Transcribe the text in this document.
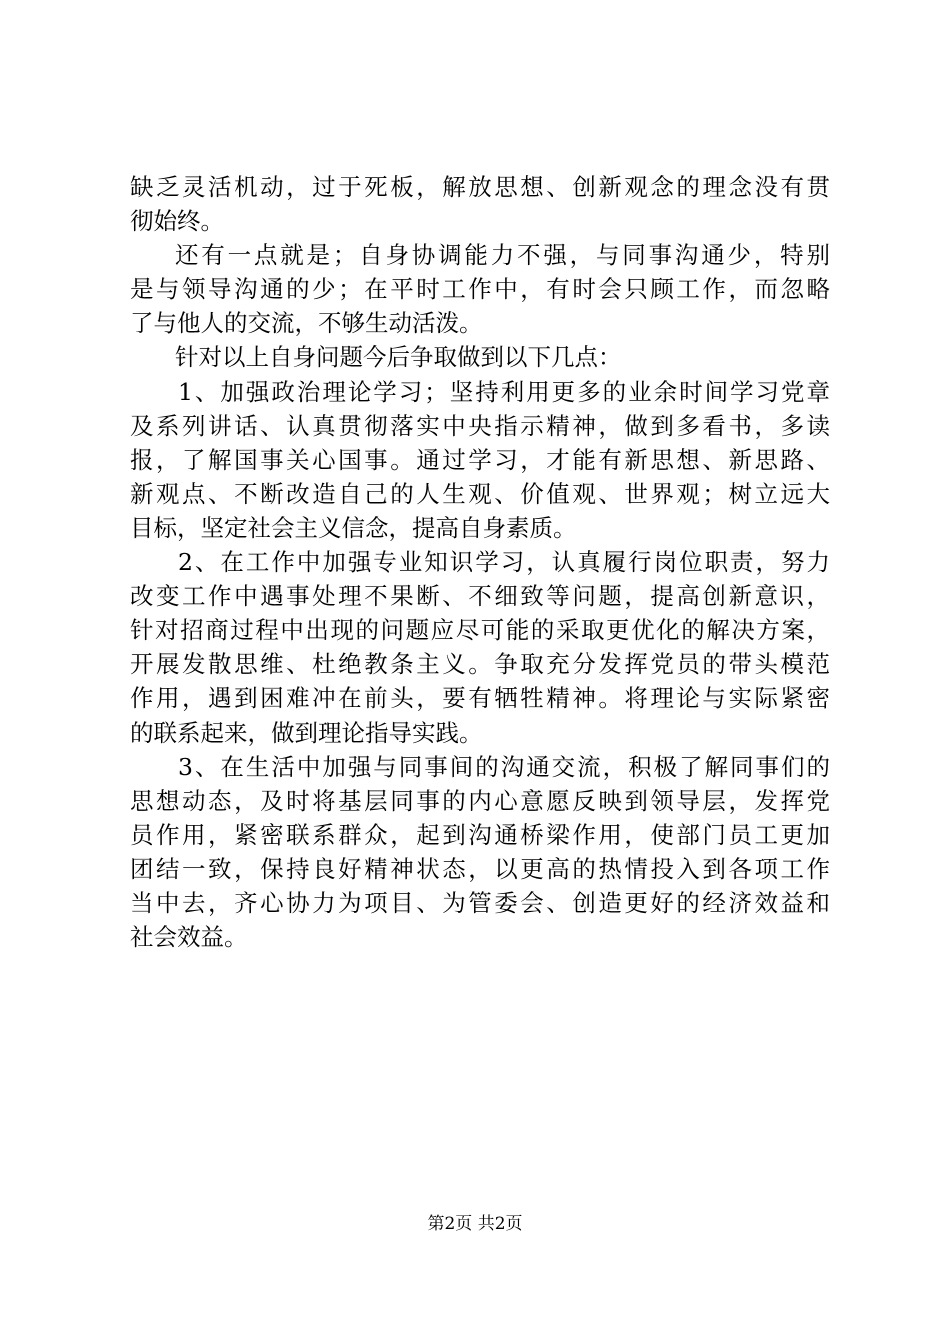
缺乏灵活机动，过于死板，解放思想、创新观念的理念没有贯
彻始终。
还有一点就是；自身协调能力不强，与同事沟通少，特别
是与领导沟通的少；在平时工作中，有时会只顾工作，而忽略
了与他人的交流，不够生动活泼。
针对以上自身问题今后争取做到以下几点：
1、加强政治理论学习；坚持利用更多的业余时间学习党章
及系列讲话、认真贯彻落实中央指示精神，做到多看书，多读
报，了解国事关心国事。通过学习，才能有新思想、新思路、
新观点、不断改造自己的人生观、价值观、世界观；树立远大
目标，坚定社会主义信念，提高自身素质。
2、在工作中加强专业知识学习，认真履行岗位职责，努力
改变工作中遇事处理不果断、不细致等问题，提高创新意识，
针对招商过程中出现的问题应尽可能的采取更优化的解决方案，
开展发散思维、杜绝教条主义。争取充分发挥党员的带头模范
作用，遇到困难冲在前头，要有牺牲精神。将理论与实际紧密
的联系起来，做到理论指导实践。
3、在生活中加强与同事间的沟通交流，积极了解同事们的
思想动态，及时将基层同事的内心意愿反映到领导层，发挥党
员作用，紧密联系群众，起到沟通桥梁作用，使部门员工更加
团结一致，保持良好精神状态，以更高的热情投入到各项工作
当中去，齐心协力为项目、为管委会、创造更好的经济效益和
社会效益。
第2页 共2页
